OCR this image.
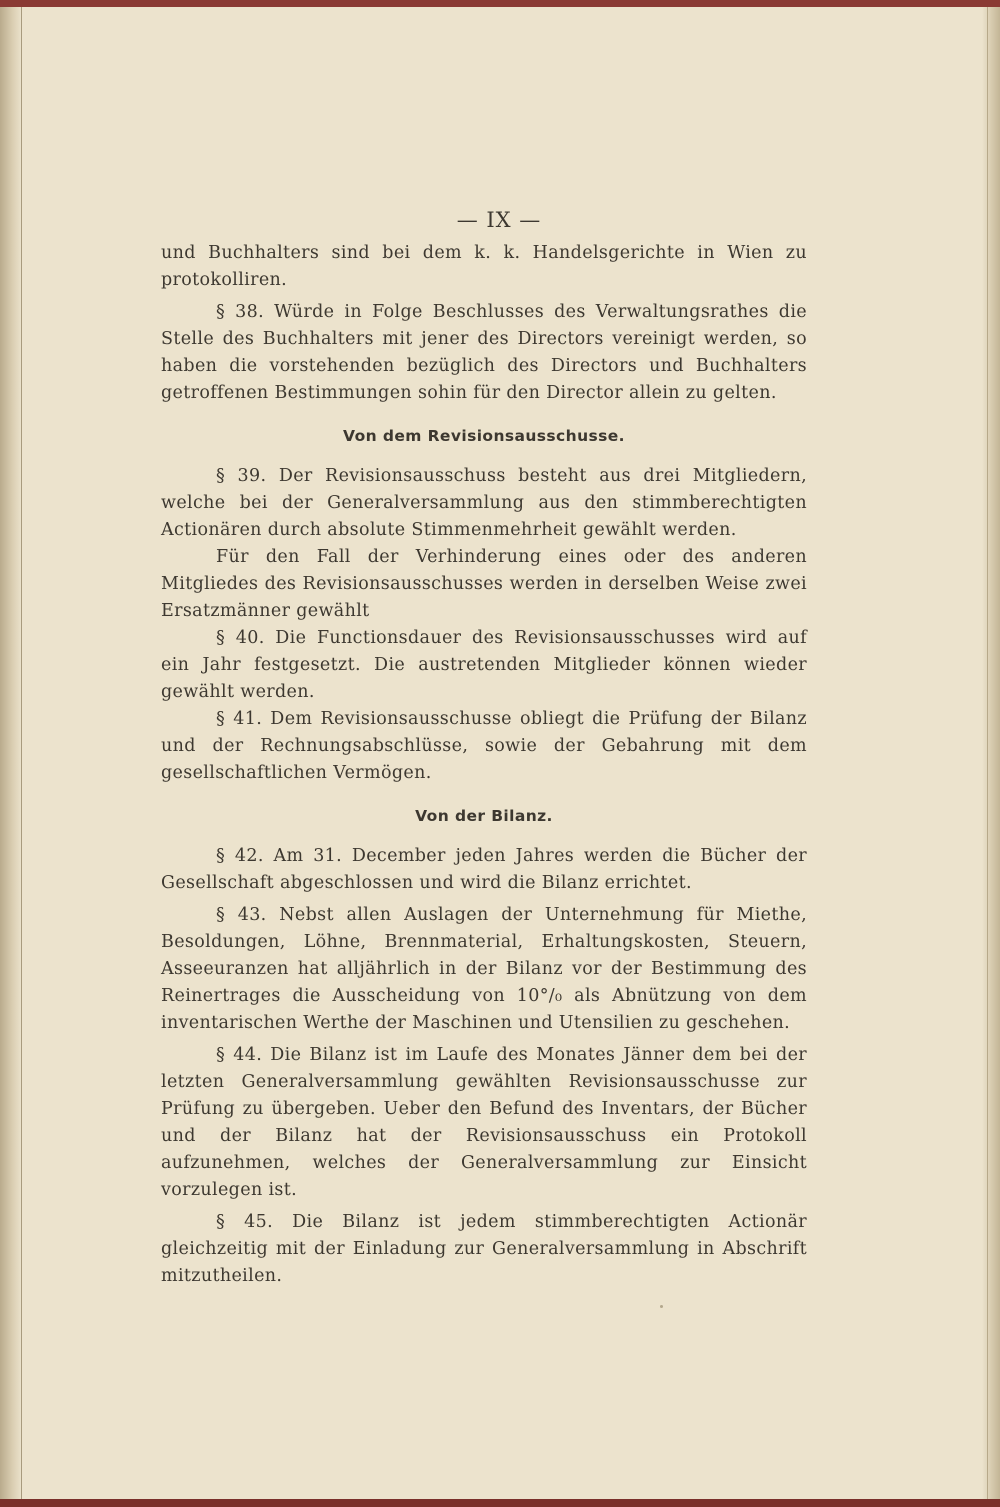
— IX —

und Buchhalters sind bei dem k. k. Handelsgerichte in Wien zu protokolliren.

§ 38. Würde in Folge Beschlusses des Verwaltungsrathes die Stelle des Buchhalters mit jener des Directors vereinigt werden, so haben die vorstehenden bezüglich des Directors und Buchhalters getroffenen Bestimmungen sohin für den Director allein zu gelten.

Von dem Revisionsausschusse.

§ 39. Der Revisionsausschuss besteht aus drei Mitgliedern, welche bei der Generalversammlung aus den stimmberechtigten Actionären durch absolute Stimmenmehrheit gewählt werden.

Für den Fall der Verhinderung eines oder des anderen Mitgliedes des Revisionsausschusses werden in derselben Weise zwei Ersatzmänner gewählt

§ 40. Die Functionsdauer des Revisionsausschusses wird auf ein Jahr festgesetzt. Die austretenden Mitglieder können wieder gewählt werden.

§ 41. Dem Revisionsausschusse obliegt die Prüfung der Bilanz und der Rechnungsabschlüsse, sowie der Gebahrung mit dem gesellschaftlichen Vermögen.

Von der Bilanz.

§ 42. Am 31. December jeden Jahres werden die Bücher der Gesellschaft abgeschlossen und wird die Bilanz errichtet.

§ 43. Nebst allen Auslagen der Unternehmung für Miethe, Besoldungen, Löhne, Brennmaterial, Erhaltungskosten, Steuern, Asseeuranzen hat alljährlich in der Bilanz vor der Bestimmung des Reinertrages die Ausscheidung von 10°/₀ als Abnützung von dem inventarischen Werthe der Maschinen und Utensilien zu geschehen.

§ 44. Die Bilanz ist im Laufe des Monates Jänner dem bei der letzten Generalversammlung gewählten Revisionsausschusse zur Prüfung zu übergeben. Ueber den Befund des Inventars, der Bücher und der Bilanz hat der Revisionsausschuss ein Protokoll aufzunehmen, welches der Generalversammlung zur Einsicht vorzulegen ist.

§ 45. Die Bilanz ist jedem stimmberechtigten Actionär gleichzeitig mit der Einladung zur Generalversammlung in Abschrift mitzutheilen.
